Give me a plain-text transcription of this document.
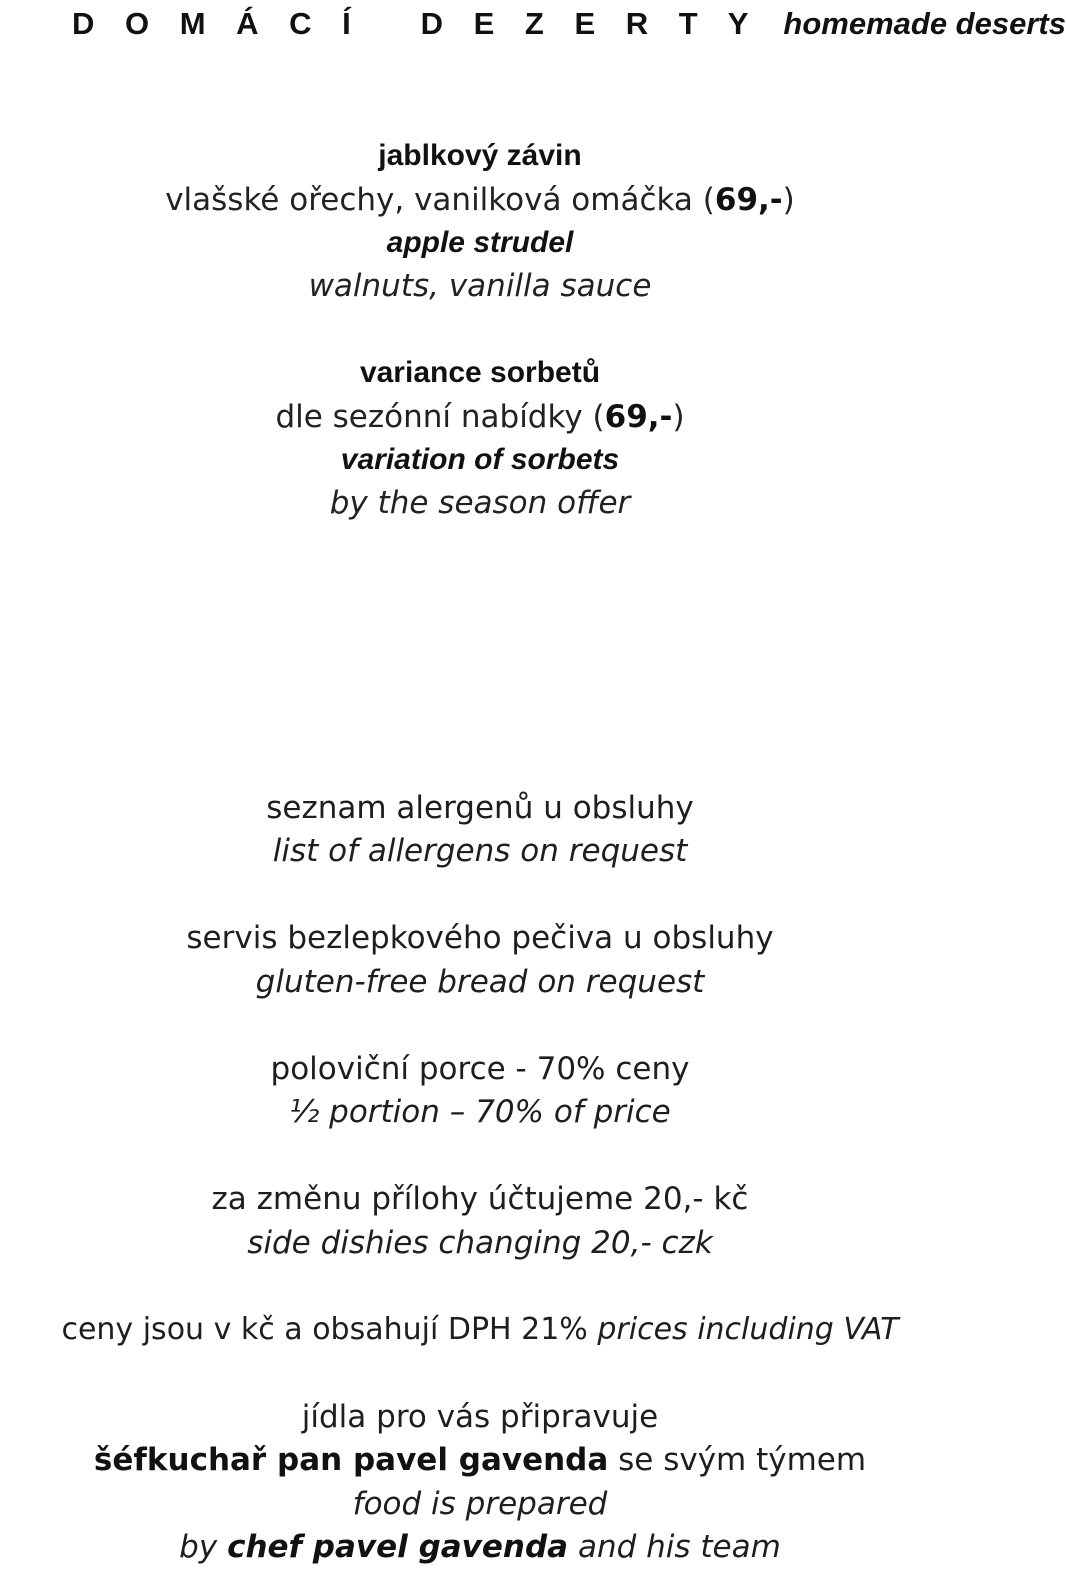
D O M Á C Í   D E Z E R T Y homemade deserts
jablkový závin
vlašské ořechy, vanilková omáčka (69,-)
apple strudel
walnuts, vanilla sauce
variance sorbetů
dle sezónní nabídky (69,-)
variation of sorbets
by the season offer
seznam alergenů u obsluhy
list of allergens on request
servis bezlepkového pečiva u obsluhy
gluten-free bread on request
poloviční porce - 70% ceny
½ portion – 70% of price
za změnu přílohy účtujeme 20,- kč
side dishies changing 20,- czk
ceny jsou v kč a obsahují DPH 21% prices including VAT
jídla pro vás připravuje
šéfkuchař pan pavel gavenda se svým týmem
food is prepared
by chef pavel gavenda and his team
